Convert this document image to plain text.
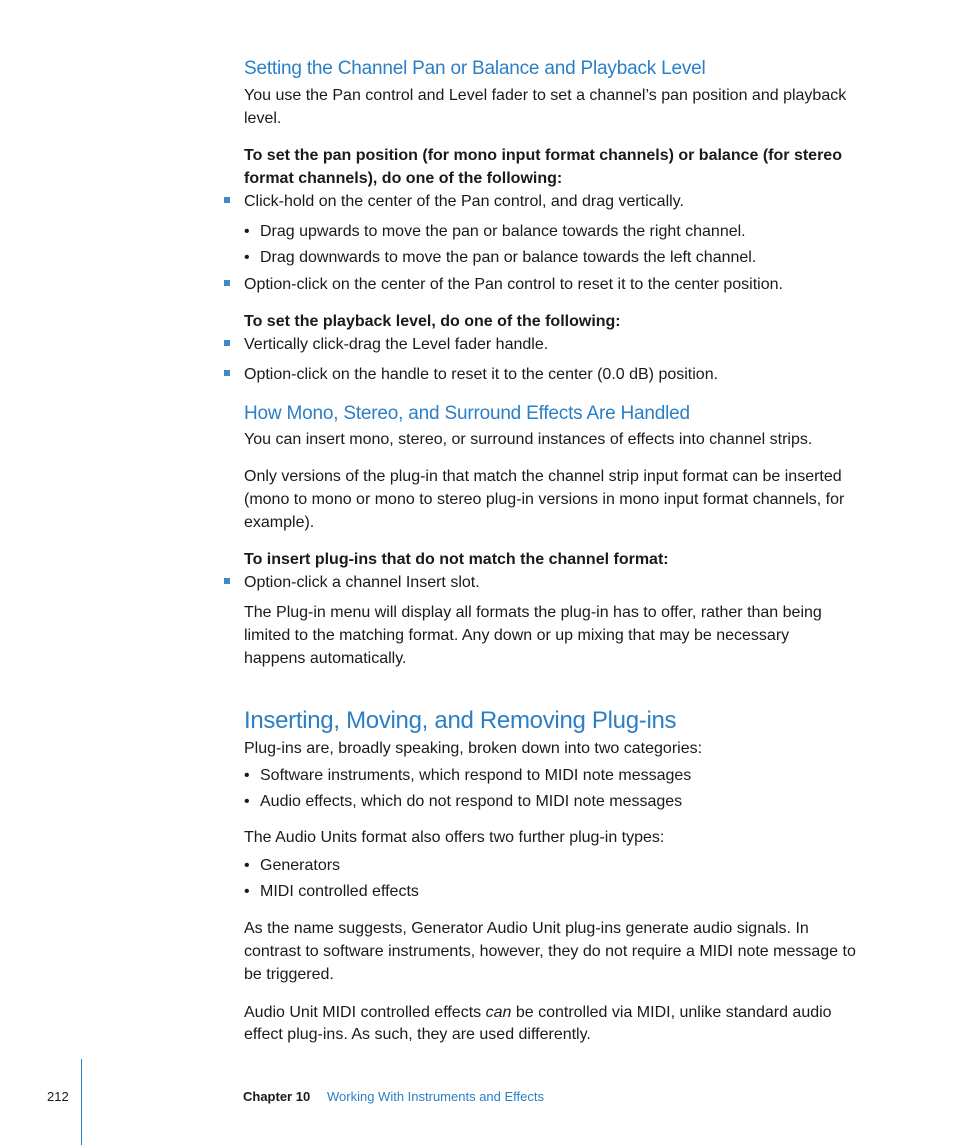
Setting the Channel Pan or Balance and Playback Level
You use the Pan control and Level fader to set a channel’s pan position and playback
level.
To set the pan position (for mono input format channels) or balance (for stereo
format channels), do one of the following:
Click-hold on the center of the Pan control, and drag vertically.
• Drag upwards to move the pan or balance towards the right channel.
• Drag downwards to move the pan or balance towards the left channel.
Option-click on the center of the Pan control to reset it to the center position.
To set the playback level, do one of the following:
Vertically click-drag the Level fader handle.
Option-click on the handle to reset it to the center (0.0 dB) position.
How Mono, Stereo, and Surround Effects Are Handled
You can insert mono, stereo, or surround instances of effects into channel strips.
Only versions of the plug-in that match the channel strip input format can be inserted
(mono to mono or mono to stereo plug-in versions in mono input format channels, for
example).
To insert plug-ins that do not match the channel format:
Option-click a channel Insert slot.
The Plug-in menu will display all formats the plug-in has to offer, rather than being
limited to the matching format. Any down or up mixing that may be necessary
happens automatically.
Inserting, Moving, and Removing Plug-ins
Plug-ins are, broadly speaking, broken down into two categories:
• Software instruments, which respond to MIDI note messages
• Audio effects, which do not respond to MIDI note messages
The Audio Units format also offers two further plug-in types:
• Generators
• MIDI controlled effects
As the name suggests, Generator Audio Unit plug-ins generate audio signals. In
contrast to software instruments, however, they do not require a MIDI note message to
be triggered.
Audio Unit MIDI controlled effects can be controlled via MIDI, unlike standard audio
effect plug-ins. As such, they are used differently.
212	Chapter 10 Working With Instruments and Effects
